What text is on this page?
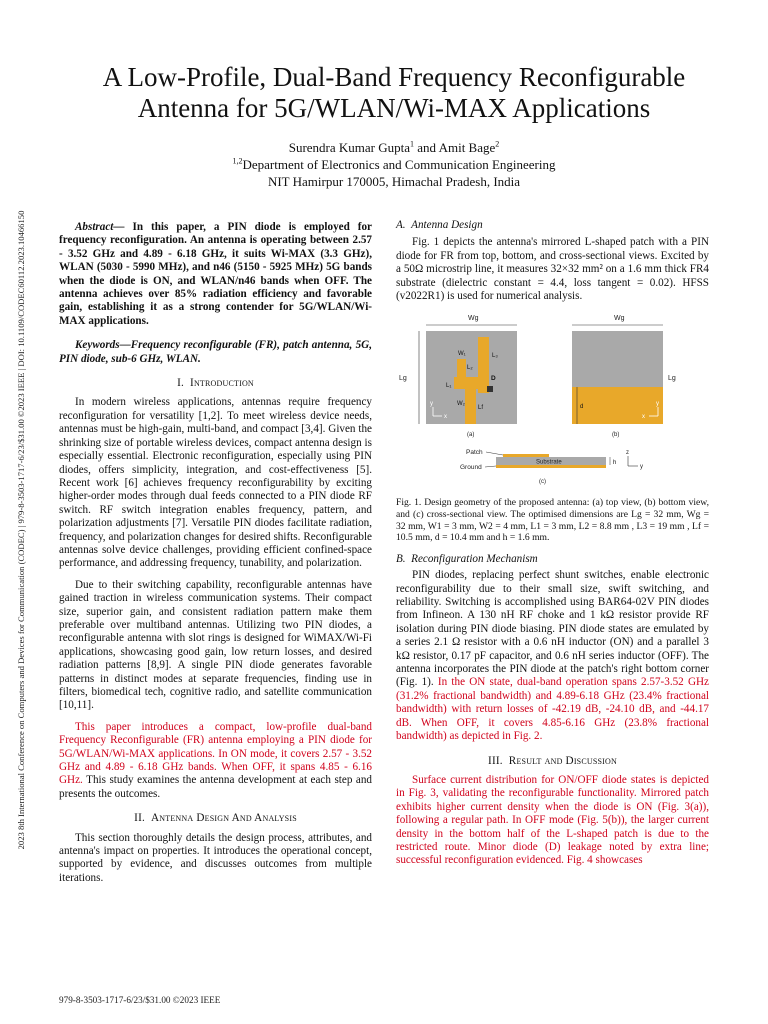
2023 8th International Conference on Computers and Devices for Communication (CODEC) | 979-8-3503-1717-6/23/$31.00 ©2023 IEEE | DOI: 10.1109/CODEC60112.2023.10466150
A Low-Profile, Dual-Band Frequency Reconfigurable
Antenna for 5G/WLAN/Wi-MAX Applications
Surendra Kumar Gupta$^1$ and Amit Bage$^2$
$^{1,2}$Department of Electronics and Communication Engineering
NIT Hamirpur 170005, Himachal Pradesh, India

Abstract— In this paper, a PIN diode is employed for frequency reconfiguration. An antenna is operating between 2.57 - 3.52 GHz and 4.89 - 6.18 GHz, it suits Wi-MAX (3.3 GHz), WLAN (5030 - 5990 MHz), and n46 (5150 - 5925 MHz) 5G bands when the diode is ON, and WLAN/n46 bands when OFF. The antenna achieves over 85% radiation efficiency and favorable gain, establishing it as a strong contender for 5G/WLAN/Wi-MAX applications.

Keywords—Frequency reconfigurable (FR), patch antenna, 5G, PIN diode, sub-6 GHz, WLAN.

I. Introduction

In modern wireless applications, antennas require frequency reconfiguration for versatility [1,2]. To meet wireless device needs, antennas must be high-gain, multi-band, and compact [3,4]. Given the shrinking size of portable wireless devices, compact antenna design is especially essential. Electronic reconfiguration, especially using PIN diodes, offers simplicity, integration, and cost-effectiveness [5]. Recent work [6] achieves frequency reconfigurability by exciting higher-order modes through dual feeds connected to a PIN diode RF switch. RF switch integration enables frequency, pattern, and polarization adjustments [7]. Versatile PIN diodes facilitate radiation, frequency, and polarization changes for desired shifts. Reconfigurable antennas solve device challenges, providing efficient confined-space performance, and addressing frequency, tunability, and polarization.

Due to their switching capability, reconfigurable antennas have gained traction in wireless communication systems. Their compact size, superior gain, and consistent radiation pattern make them preferable over multiband antennas. Utilizing two PIN diodes, a reconfigurable antenna with slot rings is designed for WiMAX/Wi-Fi applications, showcasing good gain, low return losses, and desired radiation patterns [8,9]. A single PIN diode generates favorable patterns in distinct modes at separate frequencies, finding use in filters, biomedical tech, cognitive radio, and satellite communication [10,11].

This paper introduces a compact, low-profile dual-band Frequency Reconfigurable (FR) antenna employing a PIN diode for 5G/WLAN/Wi-MAX applications. In ON mode, it covers 2.57 - 3.52 GHz and 4.89 - 6.18 GHz bands. When OFF, it spans 4.85 - 6.16 GHz. This study examines the antenna development at each step and presents the outcomes.

II. Antenna Design And Analysis

This section thoroughly details the design process, attributes, and antenna's impact on properties. It introduces the operational concept, supported by evidence, and discusses outcomes from multiple iterations.

A. Antenna Design

Fig. 1 depicts the antenna's mirrored L-shaped patch with a PIN diode for FR from top, bottom, and cross-sectional views. Excited by a 50Ω microstrip line, it measures 32×32 mm² on a 1.6 mm thick FR4 substrate (dielectric constant = 4.4, loss tangent = 0.02). HFSS (v2022R1) is used for numerical analysis.

Wg
Lg	D
W₁
W₂
L₁
L₂
L₃
Lf
y
x
(a)
Wg
d
Lg
y
x
(b)
Patch
Ground
Substrate	h
z
y
(c)

Fig. 1. Design geometry of the proposed antenna: (a) top view, (b) bottom view, and (c) cross-sectional view. The optimised dimensions are Lg = 32 mm, Wg = 32 mm, W1 = 3 mm, W2 = 4 mm, L1 = 3 mm, L2 = 8.8 mm , L3 = 19 mm , Lf = 10.5 mm, d = 10.4 mm and h = 1.6 mm.

B. Reconfiguration Mechanism

PIN diodes, replacing perfect shunt switches, enable electronic reconfigurability due to their small size, swift switching, and reliability. Switching is accomplished using BAR64-02V PIN diodes from Infineon. A 130 nH RF choke and 1 kΩ resistor provide RF isolation during PIN diode biasing. PIN diode states are emulated by a series 2.1 Ω resistor with a 0.6 nH inductor (ON) and a parallel 3 kΩ resistor, 0.17 pF capacitor, and 0.6 nH series inductor (OFF). The antenna incorporates the PIN diode at the patch's right bottom corner (Fig. 1). In the ON state, dual-band operation spans 2.57-3.52 GHz (31.2% fractional bandwidth) and 4.89-6.18 GHz (23.4% fractional bandwidth) with return losses of -42.19 dB, -24.10 dB, and -44.17 dB. When OFF, it covers 4.85-6.16 GHz (23.8% fractional bandwidth) as depicted in Fig. 2.

III. Result and Discussion

Surface current distribution for ON/OFF diode states is depicted in Fig. 3, validating the reconfigurable functionality. Mirrored patch exhibits higher current density when the diode is ON (Fig. 3(a)), following a regular path. In OFF mode (Fig. 5(b)), the larger current density in the bottom half of the L-shaped patch is due to the restricted route. Minor diode (D) leakage noted by extra line; successful reconfiguration evidenced. Fig. 4 showcases

979-8-3503-1717-6/23/$31.00 ©2023 IEEE
